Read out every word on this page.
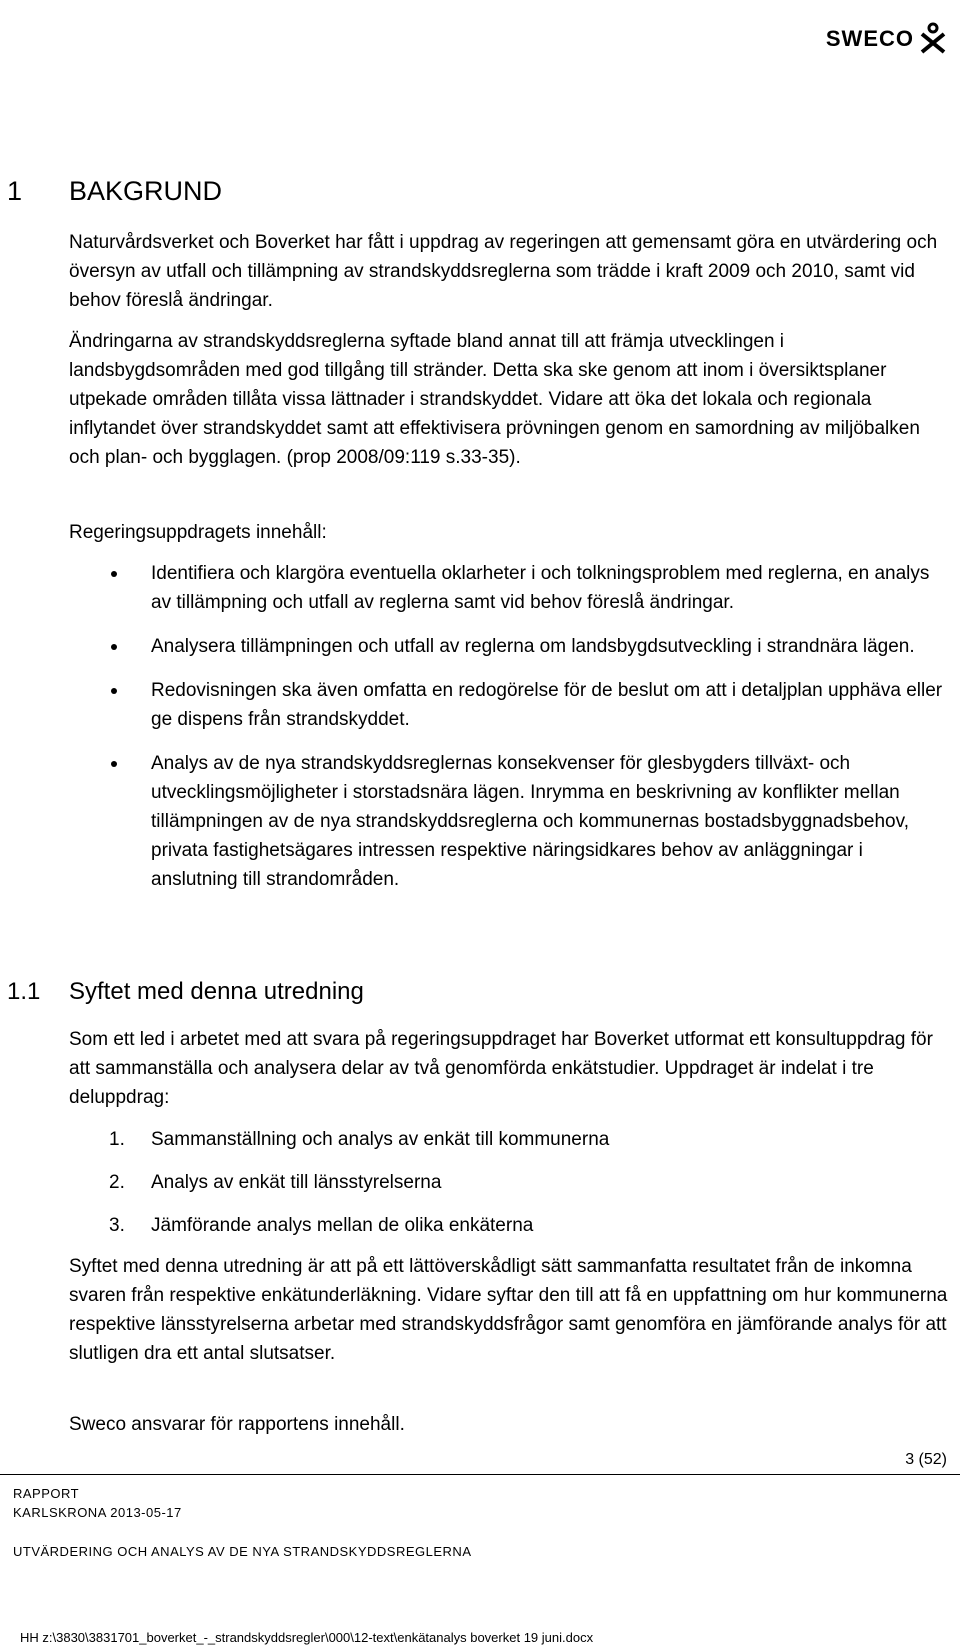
SWECO
1 BAKGRUND

Naturvårdsverket och Boverket har fått i uppdrag av regeringen att gemensamt göra en utvärdering och översyn av utfall och tillämpning av strandskyddsreglerna som trädde i kraft 2009 och 2010, samt vid behov föreslå ändringar.

Ändringarna av strandskyddsreglerna syftade bland annat till att främja utvecklingen i landsbygdsområden med god tillgång till stränder. Detta ska ske genom att inom i översiktsplaner utpekade områden tillåta vissa lättnader i strandskyddet. Vidare att öka det lokala och regionala inflytandet över strandskyddet samt att effektivisera prövningen genom en samordning av miljöbalken och plan- och bygglagen. (prop 2008/09:119 s.33-35).

Regeringsuppdragets innehåll:

Identifiera och klargöra eventuella oklarheter i och tolkningsproblem med reglerna, en analys av tillämpning och utfall av reglerna samt vid behov föreslå ändringar.
Analysera tillämpningen och utfall av reglerna om landsbygdsutveckling i strandnära lägen.
Redovisningen ska även omfatta en redogörelse för de beslut om att i detaljplan upphäva eller ge dispens från strandskyddet.
Analys av de nya strandskyddsreglernas konsekvenser för glesbygders tillväxt- och utvecklingsmöjligheter i storstadsnära lägen. Inrymma en beskrivning av konflikter mellan tillämpningen av de nya strandskyddsreglerna och kommunernas bostadsbyggnadsbehov, privata fastighetsägares intressen respektive näringsidkares behov av anläggningar i anslutning till strandområden.
1.1 Syftet med denna utredning

Som ett led i arbetet med att svara på regeringsuppdraget har Boverket utformat ett konsultuppdrag för att sammanställa och analysera delar av två genomförda enkätstudier. Uppdraget är indelat i tre deluppdrag:

1. Sammanställning och analys av enkät till kommunerna
2. Analys av enkät till länsstyrelserna
3. Jämförande analys mellan de olika enkäterna

Syftet med denna utredning är att på ett lättöverskådligt sätt sammanfatta resultatet från de inkomna svaren från respektive enkätunderläkning. Vidare syftar den till att få en uppfattning om hur kommunerna respektive länsstyrelserna arbetar med strandskyddsfrågor samt genomföra en jämförande analys för att slutligen dra ett antal slutsatser.

Sweco ansvarar för rapportens innehåll.

3 (52)
RAPPORT
KARLSKRONA 2013-05-17
UTVÄRDERING OCH ANALYS AV DE NYA STRANDSKYDDSREGLERNA
HH z:\3830\3831701_boverket_-_strandskyddsregler\000\12-text\enkätanalys boverket 19 juni.docx
